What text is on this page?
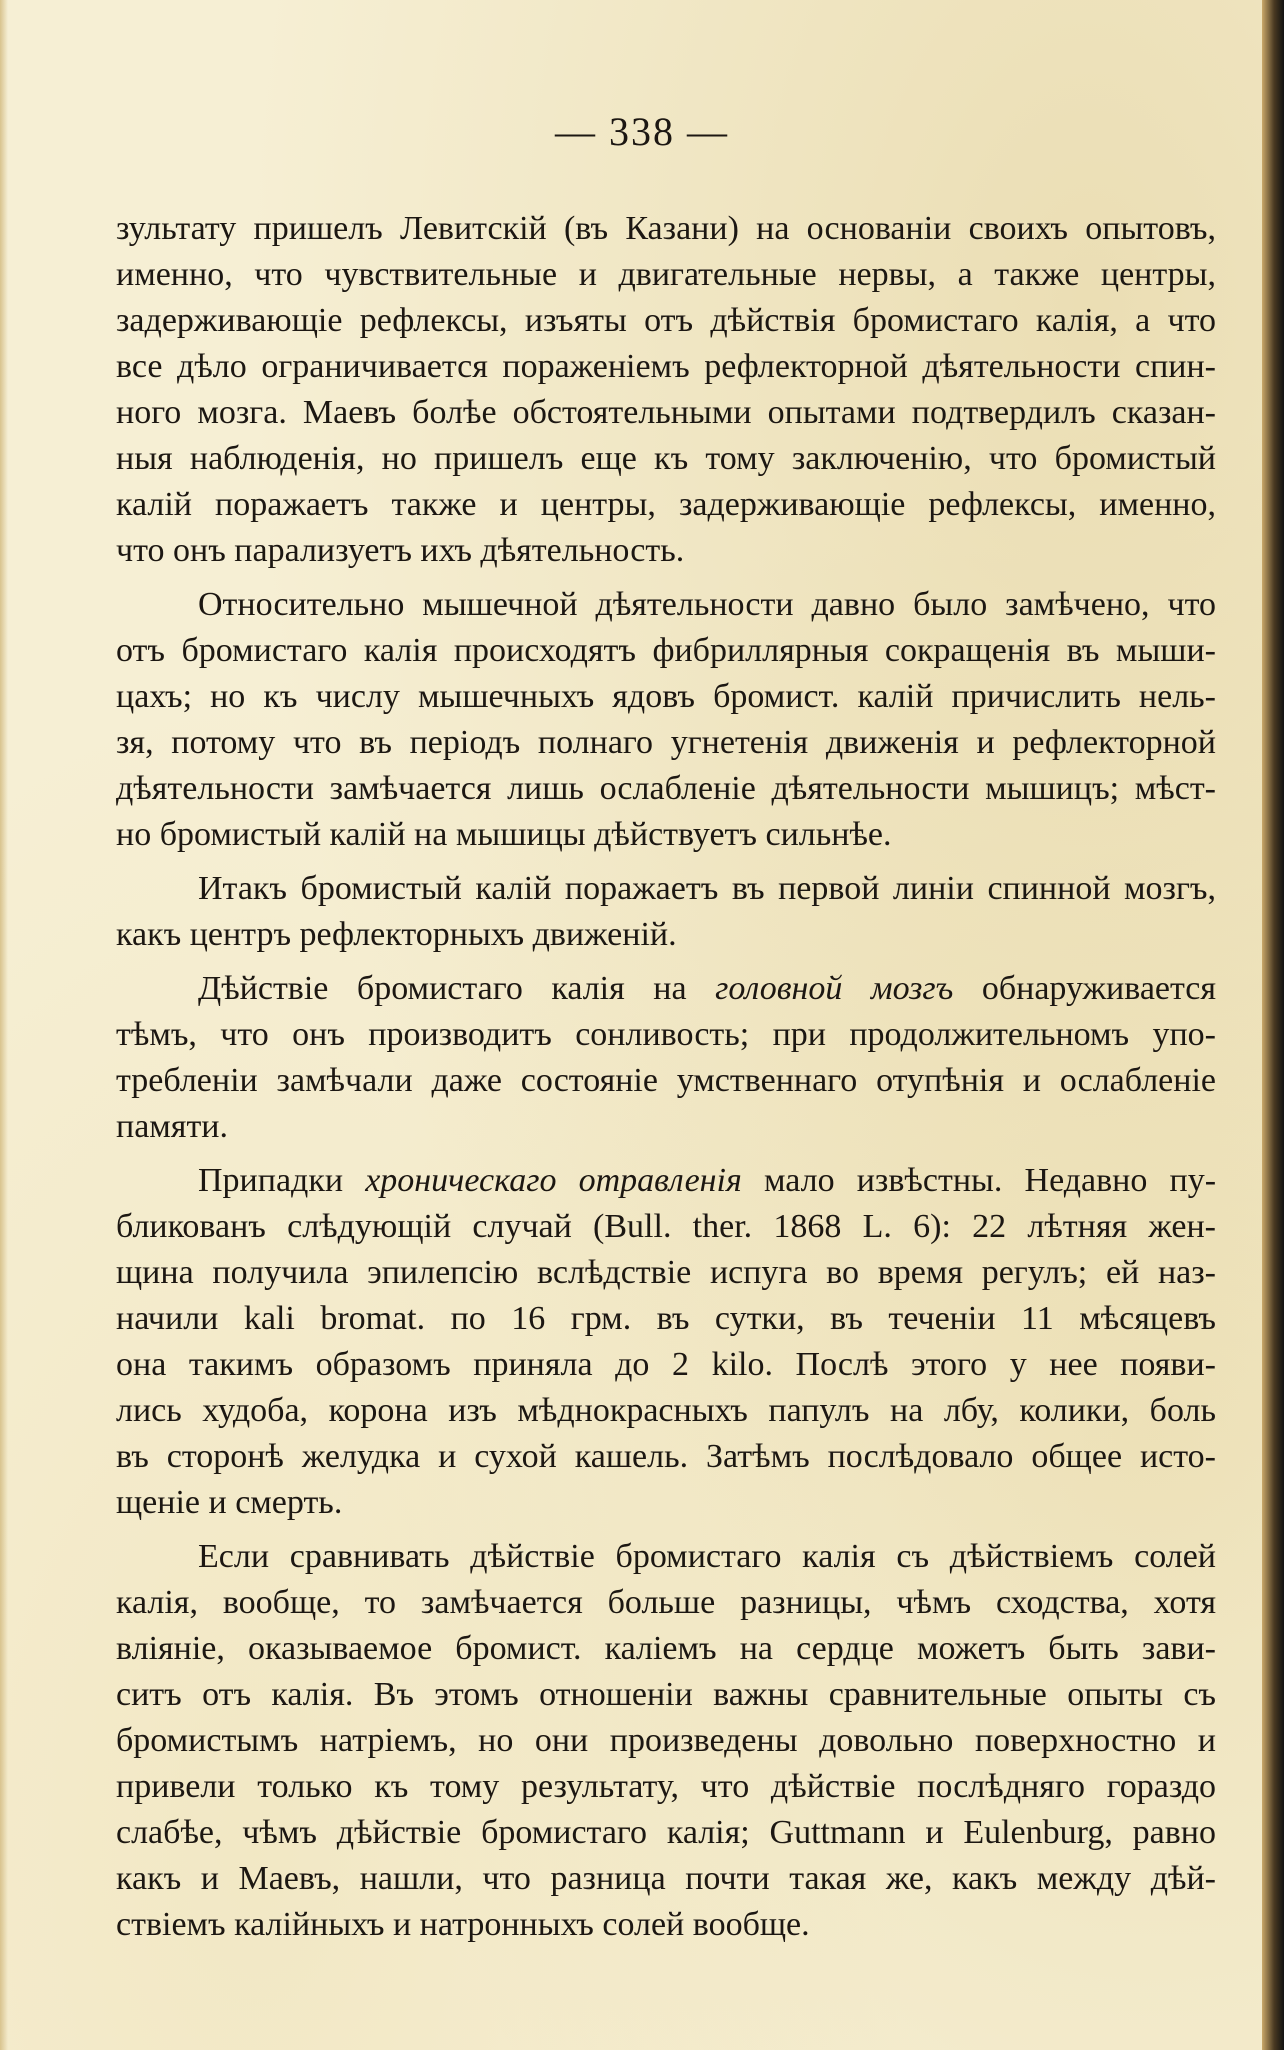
— 338 —
зультату пришелъ Левитскій (въ Казани) на основаніи своихъ опытовъ,
именно, что чувствительные и двигательные нервы, а также центры,
задерживающіе рефлексы, изъяты отъ дѣйствія бромистаго калія, а что
все дѣло ограничивается пораженіемъ рефлекторной дѣятельности спин-
ного мозга. Маевъ болѣе обстоятельными опытами подтвердилъ сказан-
ныя наблюденія, но пришелъ еще къ тому заключенію, что бромистый
калій поражаетъ также и центры, задерживающіе рефлексы, именно,
что онъ парализуетъ ихъ дѣятельность.
Относительно мышечной дѣятельности давно было замѣчено, что
отъ бромистаго калія происходятъ фибриллярныя сокращенія въ мыши-
цахъ; но къ числу мышечныхъ ядовъ бромист. калій причислить нель-
зя, потому что въ періодъ полнаго угнетенія движенія и рефлекторной
дѣятельности замѣчается лишь ослабленіе дѣятельности мышицъ; мѣст-
но бромистый калій на мышицы дѣйствуетъ сильнѣе.
Итакъ бромистый калій поражаетъ въ первой линіи спинной мозгъ,
какъ центръ рефлекторныхъ движеній.
Дѣйствіе бромистаго калія на головной мозгъ обнаруживается
тѣмъ, что онъ производитъ сонливость; при продолжительномъ упо-
требленіи замѣчали даже состояніе умственнаго отупѣнія и ослабленіе
памяти.
Припадки хроническаго отравленія мало извѣстны. Недавно пу-
бликованъ слѣдующій случай (Bull. ther. 1868 L. 6): 22 лѣтняя жен-
щина получила эпилепсію вслѣдствіе испуга во время регулъ; ей наз-
начили kali bromat. по 16 грм. въ сутки, въ теченіи 11 мѣсяцевъ
она такимъ образомъ приняла до 2 kilo. Послѣ этого у нее появи-
лись худоба, корона изъ мѣднокрасныхъ папулъ на лбу, колики, боль
въ сторонѣ желудка и сухой кашель. Затѣмъ послѣдовало общее исто-
щеніе и смерть.
Если сравнивать дѣйствіе бромистаго калія съ дѣйствіемъ солей
калія, вообще, то замѣчается больше разницы, чѣмъ сходства, хотя
вліяніе, оказываемое бромист. каліемъ на сердце можетъ быть зави-
ситъ отъ калія. Въ этомъ отношеніи важны сравнительные опыты съ
бромистымъ натріемъ, но они произведены довольно поверхностно и
привели только къ тому результату, что дѣйствіе послѣдняго гораздо
слабѣе, чѣмъ дѣйствіе бромистаго калія; Guttmann и Eulenburg, равно
какъ и Маевъ, нашли, что разница почти такая же, какъ между дѣй-
ствіемъ калійныхъ и натронныхъ солей вообще.
